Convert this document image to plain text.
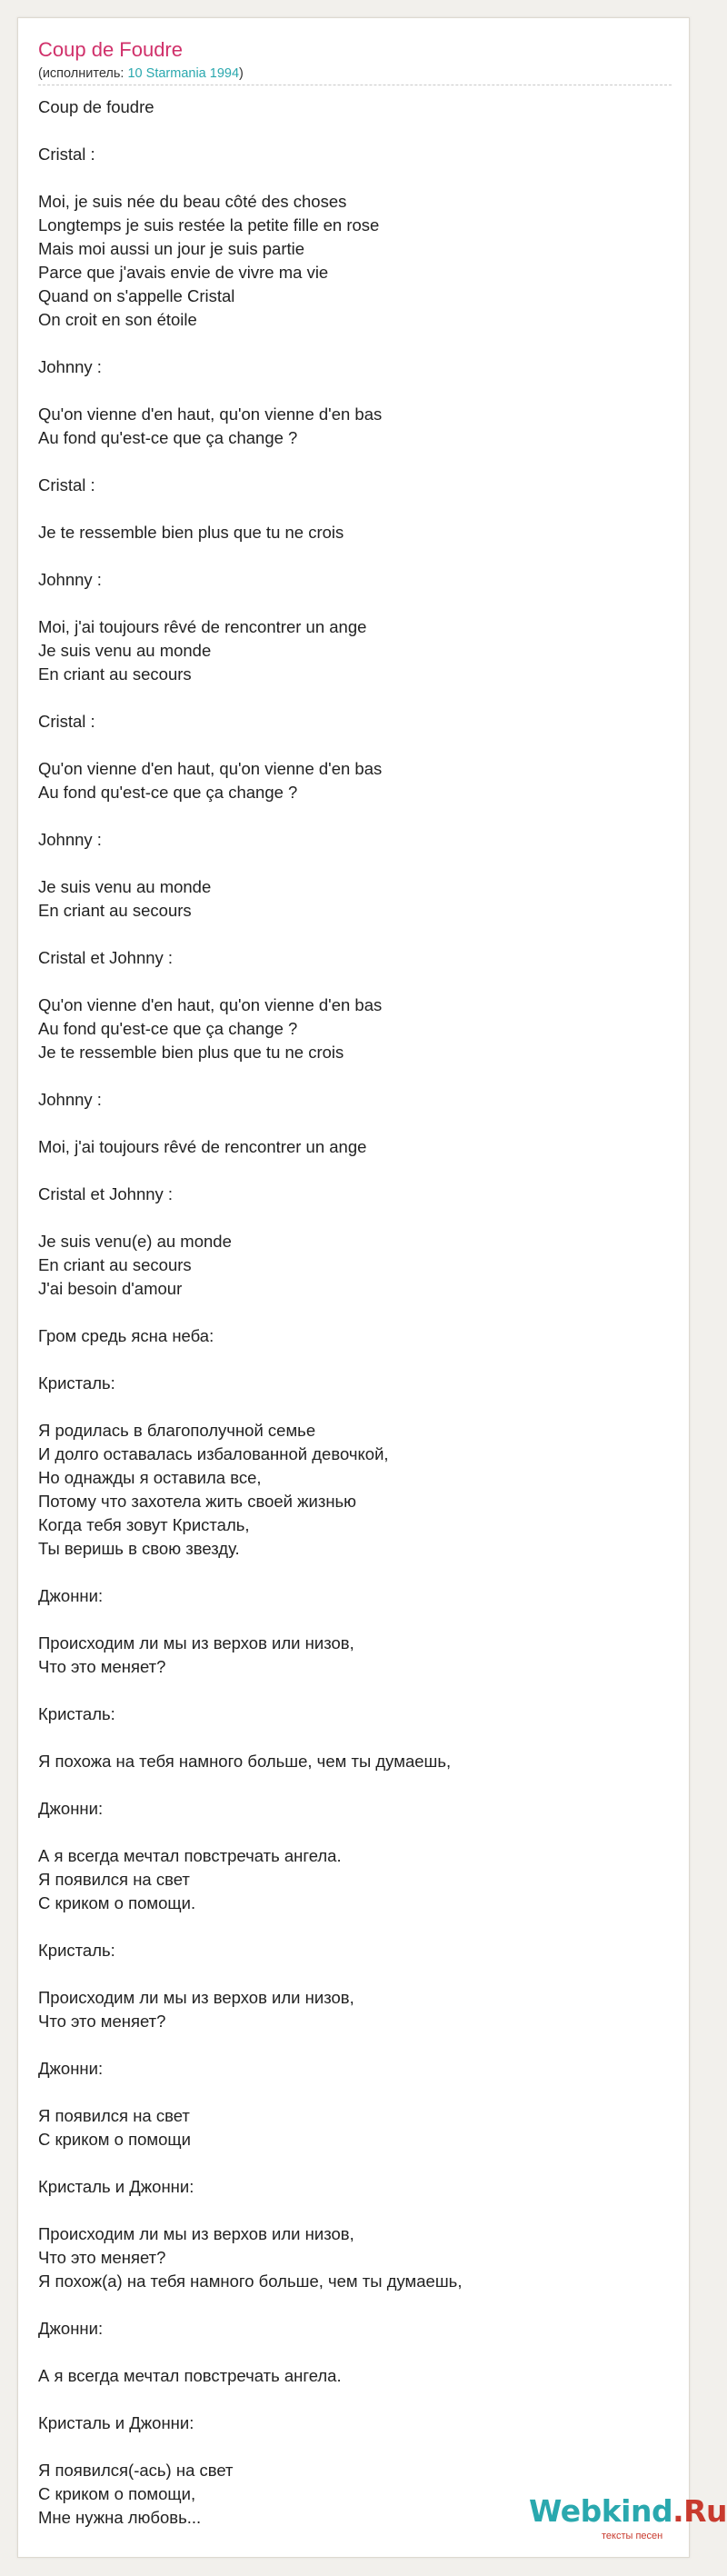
Coup de Foudre
(исполнитель: 10 Starmania 1994)
Coup de foudre
Cristal :
Moi, je suis née du beau côté des choses
Longtemps je suis restée la petite fille en rose
Mais moi aussi un jour je suis partie
Parce que j'avais envie de vivre ma vie
Quand on s'appelle Cristal
On croit en son étoile
Johnny :
Qu'on vienne d'en haut, qu'on vienne d'en bas
Au fond qu'est-ce que ça change ?
Cristal :
Je te ressemble bien plus que tu ne crois
Johnny :
Moi, j'ai toujours rêvé de rencontrer un ange
Je suis venu au monde
En criant au secours
Cristal :
Qu'on vienne d'en haut, qu'on vienne d'en bas
Au fond qu'est-ce que ça change ?
Johnny :
Je suis venu au monde
En criant au secours
Cristal et Johnny :
Qu'on vienne d'en haut, qu'on vienne d'en bas
Au fond qu'est-ce que ça change ?
Je te ressemble bien plus que tu ne crois
Johnny :
Moi, j'ai toujours rêvé de rencontrer un ange
Cristal et Johnny :
Je suis venu(e) au monde
En criant au secours
J'ai besoin d'amour
Гром средь ясна неба:
Кристаль:
Я родилась в благополучной семье
И долго оставалась избалованной девочкой,
Но однажды я оставила все,
Потому что захотела жить своей жизнью
Когда тебя зовут Кристаль,
Ты веришь в свою звезду.
Джонни:
Происходим ли мы из верхов или низов,
Что это меняет?
Кристаль:
Я похожа на тебя намного больше, чем ты думаешь,
Джонни:
А я всегда мечтал повстречать ангела.
Я появился на свет
С криком о помощи.
Кристаль:
Происходим ли мы из верхов или низов,
Что это меняет?
Джонни:
Я появился на свет
С криком о помощи
Кристаль и Джонни:
Происходим ли мы из верхов или низов,
Что это меняет?
Я похож(а) на тебя намного больше, чем ты думаешь,
Джонни:
А я всегда мечтал повстречать ангела.
Кристаль и Джонни:
Я появился(-ась) на свет
С криком о помощи,
Мне нужна любовь...	Webkind.Ru
тексты песен
